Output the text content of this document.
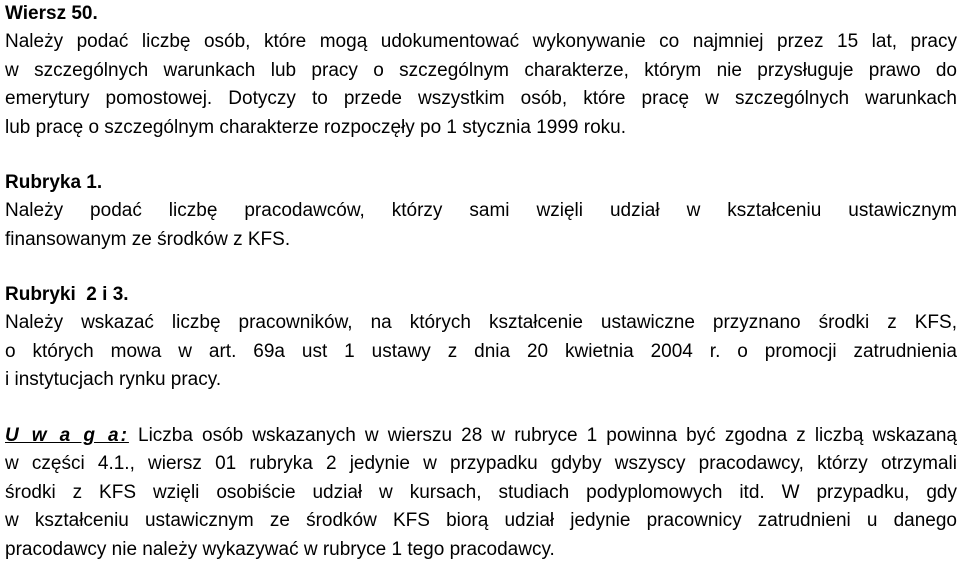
Wiersz 50.
Należy podać liczbę osób, które mogą udokumentować wykonywanie co najmniej przez 15 lat, pracy
w szczególnych warunkach lub pracy o szczególnym charakterze, którym nie przysługuje prawo do
emerytury pomostowej. Dotyczy to przede wszystkim osób, które pracę w szczególnych warunkach
lub pracę o szczególnym charakterze rozpoczęły po 1 stycznia 1999 roku.
Rubryka 1.
Należy podać liczbę pracodawców, którzy sami wzięli udział w kształceniu ustawicznym
finansowanym ze środków z KFS.
Rubryki  2 i 3.
Należy wskazać liczbę pracowników, na których kształcenie ustawiczne przyznano środki z KFS,
o których mowa w art. 69a ust 1 ustawy z dnia 20 kwietnia 2004 r. o promocji zatrudnienia
i instytucjach rynku pracy.
U w a g a: Liczba osób wskazanych w wierszu 28 w rubryce 1 powinna być zgodna z liczbą wskazaną
w części 4.1., wiersz 01 rubryka 2 jedynie w przypadku gdyby wszyscy pracodawcy, którzy otrzymali
środki z KFS wzięli osobiście udział w kursach, studiach podyplomowych itd. W przypadku, gdy
w kształceniu ustawicznym ze środków KFS biorą udział jedynie pracownicy zatrudnieni u danego
pracodawcy nie należy wykazywać w rubryce 1 tego pracodawcy.
